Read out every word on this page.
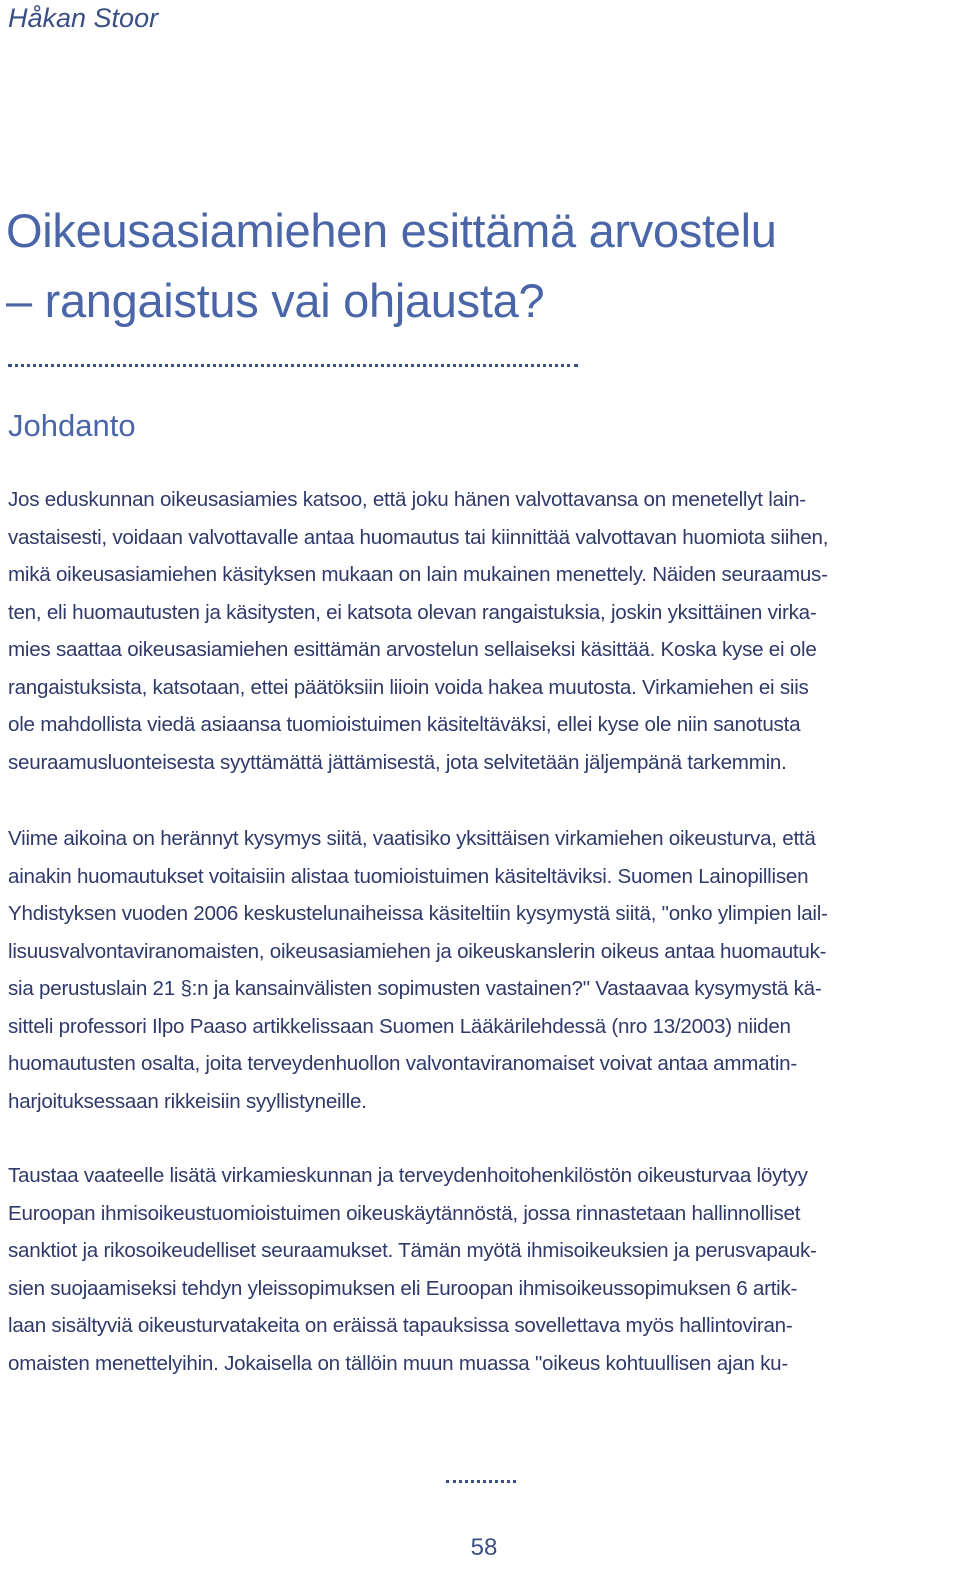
Håkan Stoor
Oikeusasiamiehen esittämä arvostelu
– rangaistus vai ohjausta?
Johdanto

Jos eduskunnan oikeusasiamies katsoo, että joku hänen valvottavansa on menetellyt lain-
vastaisesti, voidaan valvottavalle antaa huomautus tai kiinnittää valvottavan huomiota siihen,
mikä oikeusasiamiehen käsityksen mukaan on lain mukainen menettely. Näiden seuraamus-
ten, eli huomautusten ja käsitysten, ei katsota olevan rangaistuksia, joskin yksittäinen virka-
mies saattaa oikeusasiamiehen esittämän arvostelun sellaiseksi käsittää. Koska kyse ei ole
rangaistuksista, katsotaan, ettei päätöksiin liioin voida hakea muutosta. Virkamiehen ei siis
ole mahdollista viedä asiaansa tuomioistuimen käsiteltäväksi, ellei kyse ole niin sanotusta
seuraamusluonteisesta syyttämättä jättämisestä, jota selvitetään jäljempänä tarkemmin.

Viime aikoina on herännyt kysymys siitä, vaatisiko yksittäisen virkamiehen oikeusturva, että
ainakin huomautukset voitaisiin alistaa tuomioistuimen käsiteltäviksi. Suomen Lainopillisen
Yhdistyksen vuoden 2006 keskustelunaiheissa käsiteltiin kysymystä siitä, "onko ylimpien lail-
lisuusvalvontaviranomaisten, oikeusasiamiehen ja oikeuskanslerin oikeus antaa huomautuk-
sia perustuslain 21 §:n ja kansainvälisten sopimusten vastainen?" Vastaavaa kysymystä kä-
sitteli professori Ilpo Paaso artikkelissaan Suomen Lääkärilehdessä (nro 13/2003) niiden
huomautusten osalta, joita terveydenhuollon valvontaviranomaiset voivat antaa ammatin-
harjoituksessaan rikkeisiin syyllistyneille.

Taustaa vaateelle lisätä virkamieskunnan ja terveydenhoitohenkilöstön oikeusturvaa löytyy
Euroopan ihmisoikeustuomioistuimen oikeuskäytännöstä, jossa rinnastetaan hallinnolliset
sanktiot ja rikosoikeudelliset seuraamukset. Tämän myötä ihmisoikeuksien ja perusvapauk-
sien suojaamiseksi tehdyn yleissopimuksen eli Euroopan ihmisoikeussopimuksen 6 artik-
laan sisältyviä oikeusturvatakeita on eräissä tapauksissa sovellettava myös hallintoviran-
omaisten menettelyihin. Jokaisella on tällöin muun muassa "oikeus kohtuullisen ajan ku-

58
